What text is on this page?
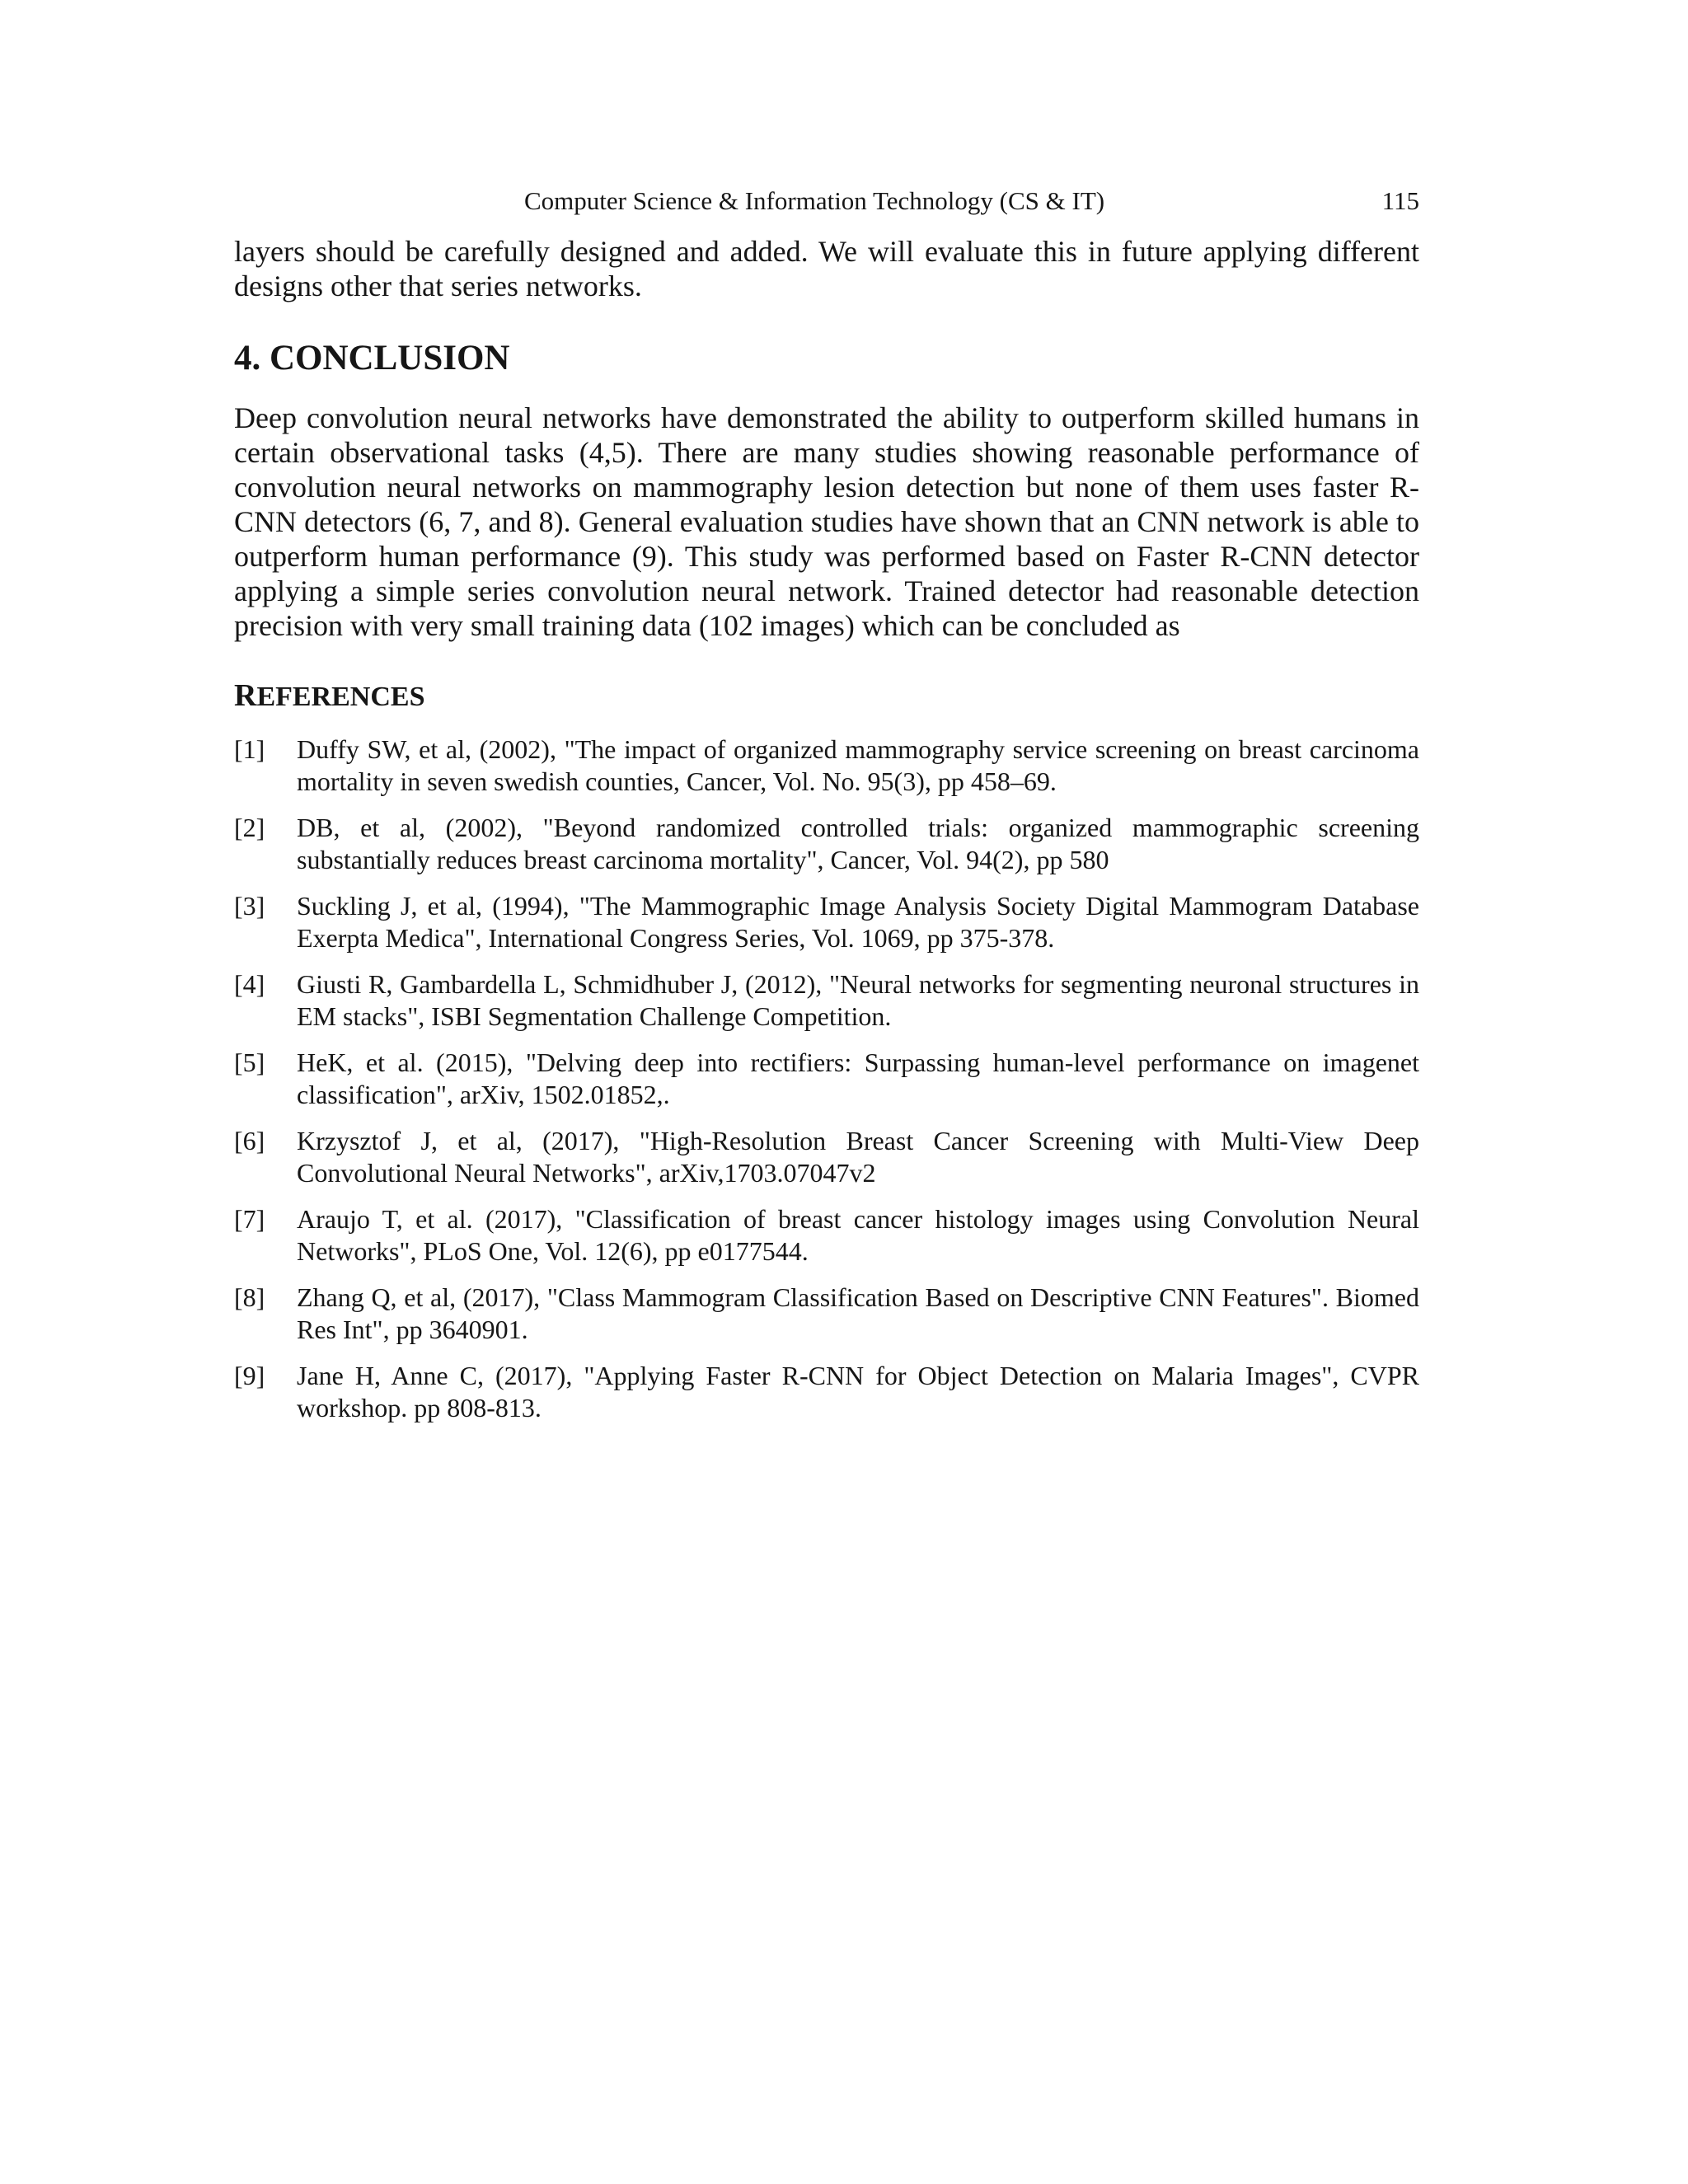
Computer Science & Information Technology (CS & IT)	115

layers should be carefully designed and added. We will evaluate this in future applying different designs other that series networks.

4. CONCLUSION

Deep convolution neural networks have demonstrated the ability to outperform skilled humans in certain observational tasks (4,5). There are many studies showing reasonable performance of convolution neural networks on mammography lesion detection but none of them uses faster R-CNN detectors (6, 7, and 8). General evaluation studies have shown that an CNN network is able to outperform human performance (9). This study was performed based on Faster R-CNN detector applying a simple series convolution neural network. Trained detector had reasonable detection precision with very small training data (102 images) which can be concluded as

REFERENCES
[1] Duffy SW, et al, (2002), "The impact of organized mammography service screening on breast carcinoma mortality in seven swedish counties, Cancer, Vol. No. 95(3), pp 458–69.
[2] DB, et al, (2002), "Beyond randomized controlled trials: organized mammographic screening substantially reduces breast carcinoma mortality", Cancer, Vol. 94(2), pp 580
[3] Suckling J, et al, (1994), "The Mammographic Image Analysis Society Digital Mammogram Database Exerpta Medica", International Congress Series, Vol. 1069, pp 375-378.
[4] Giusti R, Gambardella L, Schmidhuber J, (2012), "Neural networks for segmenting neuronal structures in EM stacks", ISBI Segmentation Challenge Competition.
[5] HeK, et al. (2015), "Delving deep into rectifiers: Surpassing human-level performance on imagenet classification", arXiv, 1502.01852,.
[6] Krzysztof J, et al, (2017), "High-Resolution Breast Cancer Screening with Multi-View Deep Convolutional Neural Networks", arXiv,1703.07047v2
[7] Araujo T, et al. (2017), "Classification of breast cancer histology images using Convolution Neural Networks", PLoS One, Vol. 12(6), pp e0177544.
[8] Zhang Q, et al, (2017), "Class Mammogram Classification Based on Descriptive CNN Features". Biomed Res Int", pp 3640901.
[9] Jane H, Anne C, (2017), "Applying Faster R-CNN for Object Detection on Malaria Images", CVPR workshop. pp 808-813.
